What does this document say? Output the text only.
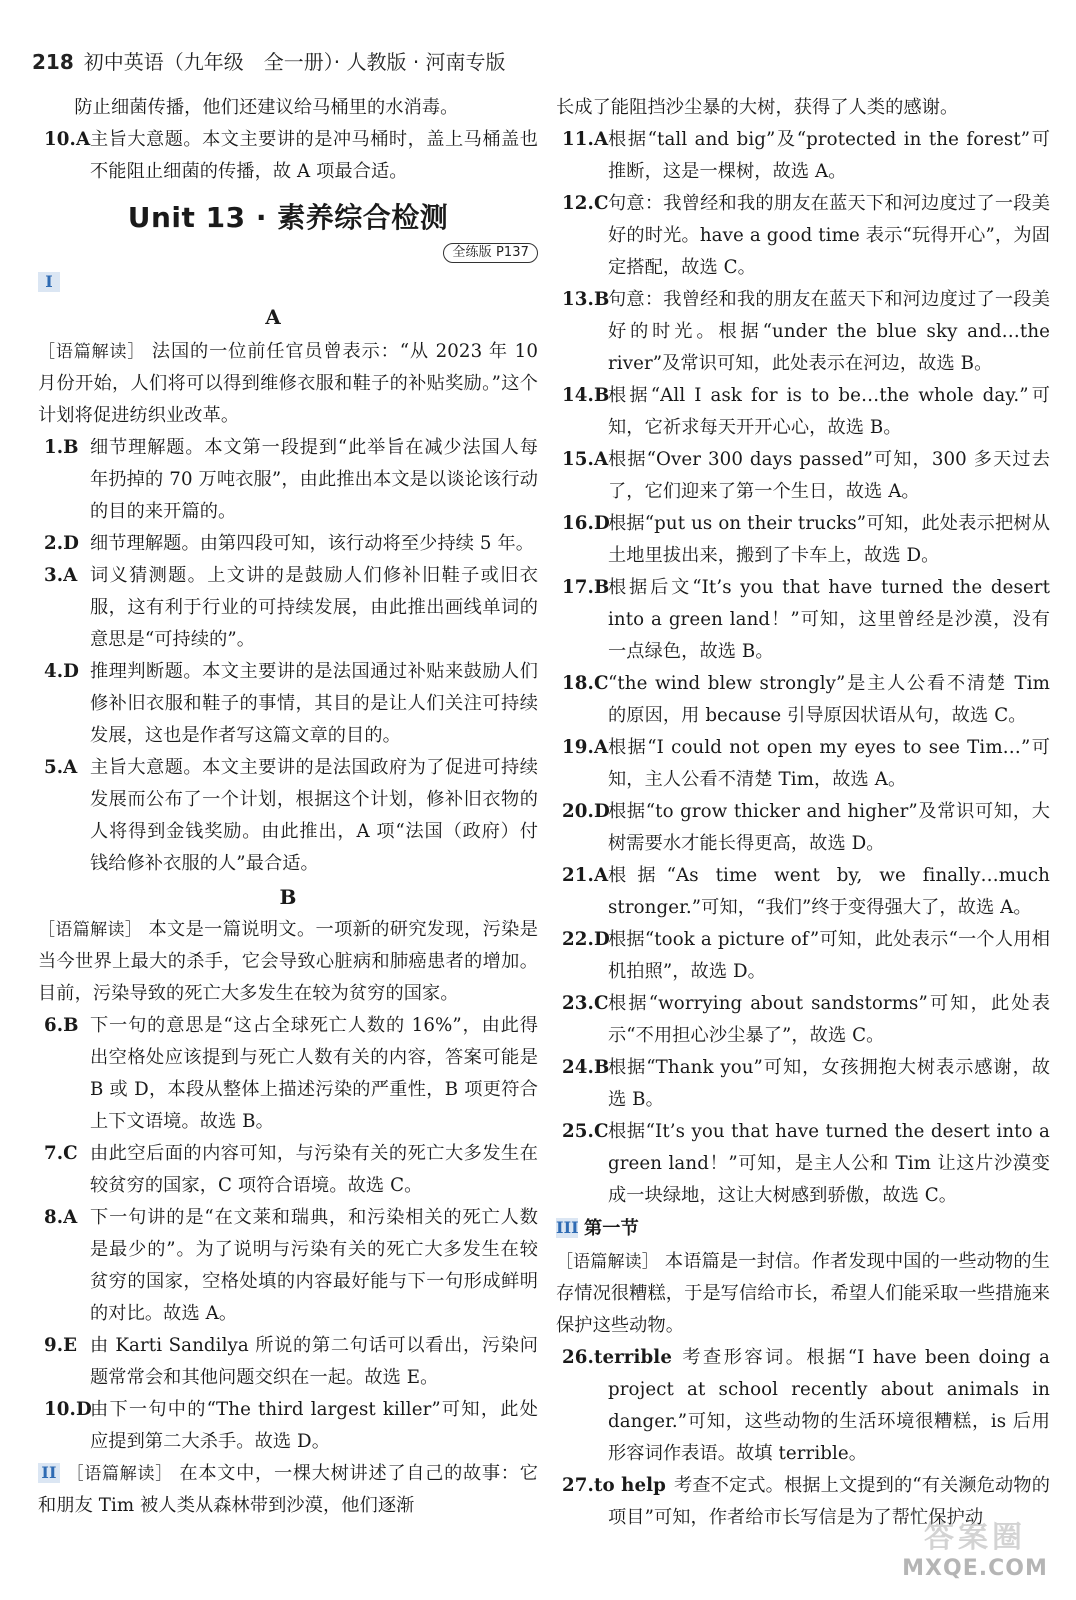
218 初中英语（九年级　全一册）· 人教版 · 河南专版

防止细菌传播，他们还建议给马桶里的水消毒。

10.A 主旨大意题。本文主要讲的是冲马桶时，盖上马桶盖也不能阻止细菌的传播，故 A 项最合适。

Unit 13 · 素养综合检测
全练版 P137
I A

［语篇解读］ 法国的一位前任官员曾表示：“从 2023 年 10 月份开始，人们将可以得到维修衣服和鞋子的补贴奖励。”这个计划将促进纺织业改革。

1.B 细节理解题。本文第一段提到“此举旨在减少法国人每年扔掉的 70 万吨衣服”，由此推出本文是以谈论该行动的目的来开篇的。

2.D 细节理解题。由第四段可知，该行动将至少持续 5 年。

3.A 词义猜测题。上文讲的是鼓励人们修补旧鞋子或旧衣服，这有利于行业的可持续发展，由此推出画线单词的意思是“可持续的”。

4.D 推理判断题。本文主要讲的是法国通过补贴来鼓励人们修补旧衣服和鞋子的事情，其目的是让人们关注可持续发展，这也是作者写这篇文章的目的。

5.A 主旨大意题。本文主要讲的是法国政府为了促进可持续发展而公布了一个计划，根据这个计划，修补旧衣物的人将得到金钱奖励。由此推出，A 项“法国（政府）付钱给修补衣服的人”最合适。

B

［语篇解读］ 本文是一篇说明文。一项新的研究发现，污染是当今世界上最大的杀手，它会导致心脏病和肺癌患者的增加。目前，污染导致的死亡大多发生在较为贫穷的国家。

6.B 下一句的意思是“这占全球死亡人数的 16%”，由此得出空格处应该提到与死亡人数有关的内容，答案可能是 B 或 D，本段从整体上描述污染的严重性，B 项更符合上下文语境。故选 B。

7.C 由此空后面的内容可知，与污染有关的死亡大多发生在较贫穷的国家，C 项符合语境。故选 C。

8.A 下一句讲的是“在文莱和瑞典，和污染相关的死亡人数是最少的”。为了说明与污染有关的死亡大多发生在较贫穷的国家，空格处填的内容最好能与下一句形成鲜明的对比。故选 A。

9.E 由 Karti Sandilya 所说的第二句话可以看出，污染问题常常会和其他问题交织在一起。故选 E。

10.D
由下一句中的“The third largest killer”可知，此处应提到第二大杀手。故选 D。

II ［语篇解读］ 在本文中，一棵大树讲述了自己的故事：它和朋友 Tim 被人类从森林带到沙漠，他们逐渐

长成了能阻挡沙尘暴的大树，获得了人类的感谢。

11.A 根据“tall and big”及“protected in the forest”可推断，这是一棵树，故选 A。

12.C 句意：我曾经和我的朋友在蓝天下和河边度过了一段美好的时光。have a good time 表示“玩得开心”，为固定搭配，故选 C。

13.B
句意：我曾经和我的朋友在蓝天下和河边度过了一段美好的时光。根据“under the blue sky and…the river”及常识可知，此处表示在河边，故选 B。

14.B
根据“All I ask for is to be…the whole day.”可知，它祈求每天开开心心，故选 B。

15.A 根据“Over 300 days passed”可知，300 多天过去了，它们迎来了第一个生日，故选 A。

16.D
根据“put us on their trucks”可知，此处表示把树从土地里拔出来，搬到了卡车上，故选 D。

17.B
根据后文“It’s you that have turned the desert into a green land！”可知，这里曾经是沙漠，没有一点绿色，故选 B。

18.C “the wind blew strongly”是主人公看不清楚 Tim 的原因，用 because 引导原因状语从句，故选 C。

19.A 根据“I could not open my eyes to see Tim…”可知，主人公看不清楚 Tim，故选 A。

20.D
根据“to grow thicker and higher”及常识可知，大树需要水才能长得更高，故选 D。

21.A 根据“As time went by, we finally…much stronger.”可知，“我们”终于变得强大了，故选 A。

22.D
根据“took a picture of”可知，此处表示“一个人用相机拍照”，故选 D。

23.C 根据“worrying about sandstorms”可知，此处表示“不用担心沙尘暴了”，故选 C。

24.B
根据“Thank you”可知，女孩拥抱大树表示感谢，故选 B。

25.C 根据“It’s you that have turned the desert into a green land！”可知，是主人公和 Tim 让这片沙漠变成一块绿地，这让大树感到骄傲，故选 C。

III 第一节

［语篇解读］ 本语篇是一封信。作者发现中国的一些动物的生存情况很糟糕，于是写信给市长，希望人们能采取一些措施来保护这些动物。

26.terrible 考查形容词。根据“I have been doing a project at school recently about animals in danger.”可知，这些动物的生活环境很糟糕，is 后用形容词作表语。故填 terrible。

27.to help 考查不定式。根据上文提到的“有关濒危动物的项目”可知，作者给市长写信是为了帮忙保护动

答案圈
MXQE.COM
